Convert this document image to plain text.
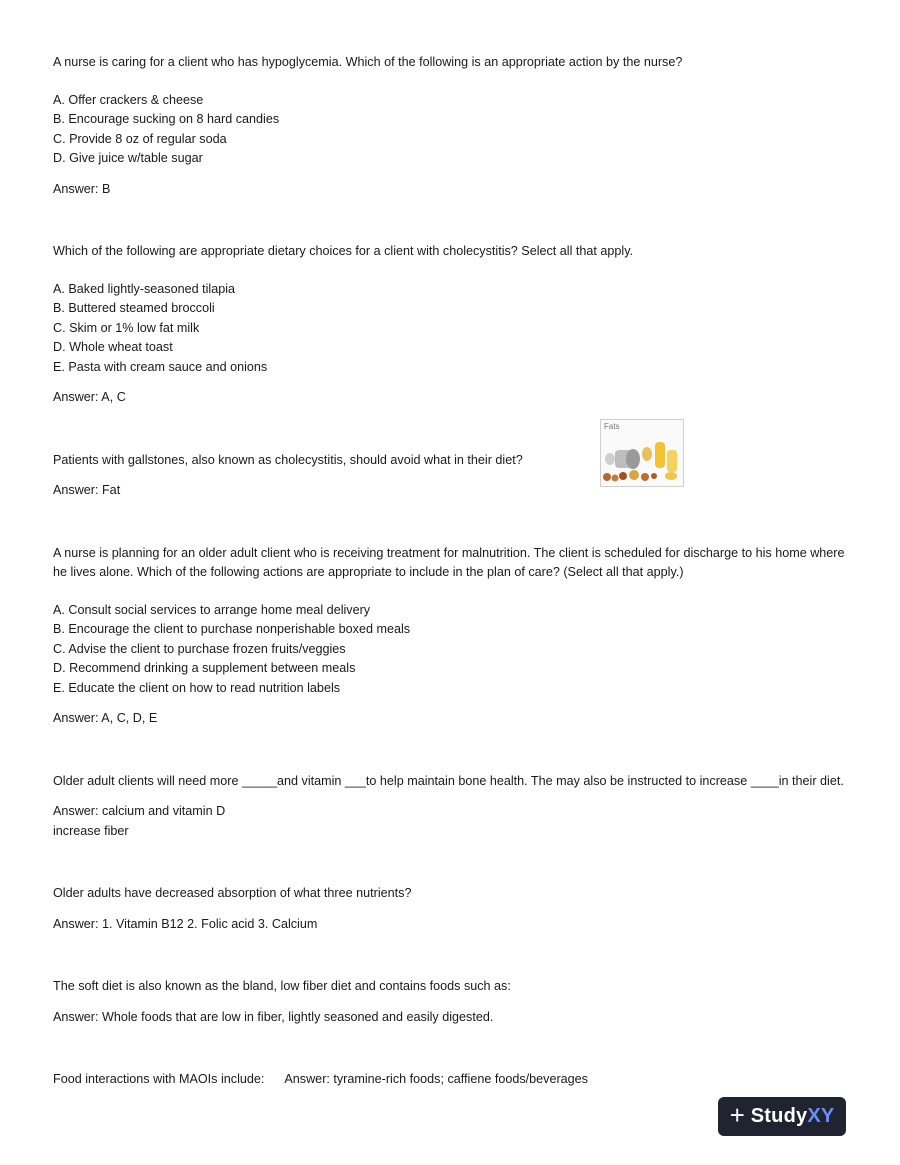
A nurse is caring for a client who has hypoglycemia. Which of the following is an appropriate action by the nurse?

A. Offer crackers & cheese
B. Encourage sucking on 8 hard candies
C. Provide 8 oz of regular soda
D. Give juice w/table sugar
Answer: B

Which of the following are appropriate dietary choices for a client with cholecystitis? Select all that apply.

A. Baked lightly-seasoned tilapia
B. Buttered steamed broccoli
C. Skim or 1% low fat milk
D. Whole wheat toast
E. Pasta with cream sauce and onions
Answer: A, C

Patients with gallstones, also known as cholecystitis, should avoid what in their diet?

Answer: Fat
Fats

A nurse is planning for an older adult client who is receiving treatment for malnutrition. The client is scheduled for discharge to his home where he lives alone. Which of the following actions are appropriate to include in the plan of care? (Select all that apply.)

A. Consult social services to arrange home meal delivery
B. Encourage the client to purchase nonperishable boxed meals
C. Advise the client to purchase frozen fruits/veggies
D. Recommend drinking a supplement between meals
E. Educate the client on how to read nutrition labels
Answer: A, C, D, E

Older adult clients will need more _____and vitamin ___to help maintain bone health. The may also be instructed to increase ____in their diet.

Answer: calcium and vitamin D
increase fiber

Older adults have decreased absorption of what three nutrients?

Answer: 1. Vitamin B12 2. Folic acid 3. Calcium

The soft diet is also known as the bland, low fiber diet and contains foods such as:

Answer: Whole foods that are low in fiber, lightly seasoned and easily digested.
Food interactions with MAOIs include: Answer: tyramine-rich foods; caffiene foods/beverages
+ StudyXY
